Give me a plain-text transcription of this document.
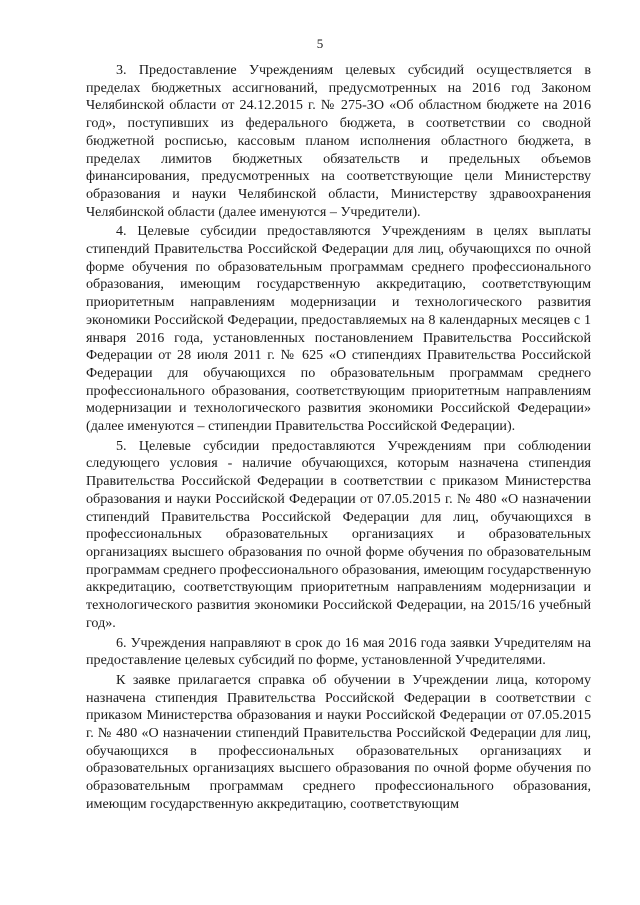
5

3. Предоставление Учреждениям целевых субсидий осуществляется в пределах бюджетных ассигнований, предусмотренных на 2016 год Законом Челябинской области от 24.12.2015 г. № 275-ЗО «Об областном бюджете на 2016 год», поступивших из федерального бюджета, в соответствии со сводной бюджетной росписью, кассовым планом исполнения областного бюджета, в пределах лимитов бюджетных обязательств и предельных объемов финансирования, предусмотренных на соответствующие цели Министерству образования и науки Челябинской области, Министерству здравоохранения Челябинской области (далее именуются – Учредители).

4. Целевые субсидии предоставляются Учреждениям в целях выплаты стипендий Правительства Российской Федерации для лиц, обучающихся по очной форме обучения по образовательным программам среднего профессионального образования, имеющим государственную аккредитацию, соответствующим приоритетным направлениям модернизации и технологического развития экономики Российской Федерации, предоставляемых на 8 календарных месяцев с 1 января 2016 года, установленных постановлением Правительства Российской Федерации от 28 июля 2011 г. № 625 «О стипендиях Правительства Российской Федерации для обучающихся по образовательным программам среднего профессионального образования, соответствующим приоритетным направлениям модернизации и технологического развития экономики Российской Федерации» (далее именуются – стипендии Правительства Российской Федерации).

5. Целевые субсидии предоставляются Учреждениям при соблюдении следующего условия - наличие обучающихся, которым назначена стипендия Правительства Российской Федерации в соответствии с приказом Министерства образования и науки Российской Федерации от 07.05.2015 г. № 480 «О назначении стипендий Правительства Российской Федерации для лиц, обучающихся в профессиональных образовательных организациях и образовательных организациях высшего образования по очной форме обучения по образовательным программам среднего профессионального образования, имеющим государственную аккредитацию, соответствующим приоритетным направлениям модернизации и технологического развития экономики Российской Федерации, на 2015/16 учебный год».

6. Учреждения направляют в срок до 16 мая 2016 года заявки Учредителям на предоставление целевых субсидий по форме, установленной Учредителями.

К заявке прилагается справка об обучении в Учреждении лица, которому назначена стипендия Правительства Российской Федерации в соответствии с приказом Министерства образования и науки Российской Федерации от 07.05.2015 г. № 480 «О назначении стипендий Правительства Российской Федерации для лиц, обучающихся в профессиональных образовательных организациях и образовательных организациях высшего образования по очной форме обучения по образовательным программам среднего профессионального образования, имеющим государственную аккредитацию, соответствующим
